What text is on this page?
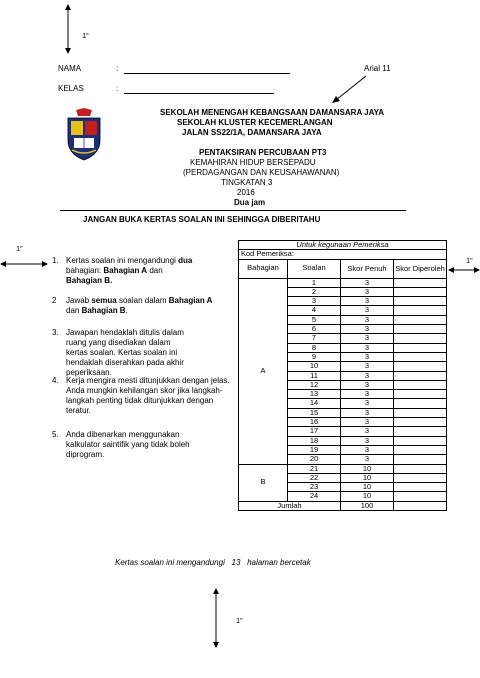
1”
NAMA	:
KELAS	:
Arial 11
SEKOLAH MENENGAH KEBANGSAAN DAMANSARA JAYA
SEKOLAH KLUSTER KECEMERLANGAN
JALAN SS22/1A, DAMANSARA JAYA
PENTAKSIRAN PERCUBAAN PT3
KEMAHIRAN HIDUP BERSEPADU
(PERDAGANGAN DAN KEUSAHAWANAN)
TINGKATAN 3
2016
Dua jam
JANGAN BUKA KERTAS SOALAN INI SEHINGGA DIBERITAHU
1”
1”
1. Kertas soalan ini mengandungi dua bahagian: Bahagian A dan
Bahagian B.
2 Jawab semua soalan dalam Bahagian A
dan Bahagian B.
3. Jawapan hendaklah ditulis dalam ruang yang disediakan dalam kertas soalan. Kertas soalan ini hendaklah diserahkan pada akhir peperiksaan.
4. Kerja mengira mesti ditunjukkan dengan jelas. Anda mungkin kehilangan skor jika langkah-langkah penting tidak ditunjukkan dengan teratur.
5. Anda dibenarkan menggunakan kalkulator saintifik yang tidak boleh diprogram.
Untuk kegunaan Pemeriksa			
Kod Pemeriksa:			
Bahagian	Soalan	Skor Penuh	Skor Diperoleh
A	1	3	
	2	3	
	3	3	
	4	3	
	5	3	
	6	3	
	7	3	
	8	3	
	9	3	
	10	3	
	11	3	
	12	3	
	13	3	
	14	3	
	15	3	
	16	3	
	17	3	
	18	3	
	19	3	
	20	3	
B	21	10	
	22	10	
	23	10	
	24	10	
Jumlah		100	
Kertas soalan ini mengandungi 13 halaman bercetak
1”
